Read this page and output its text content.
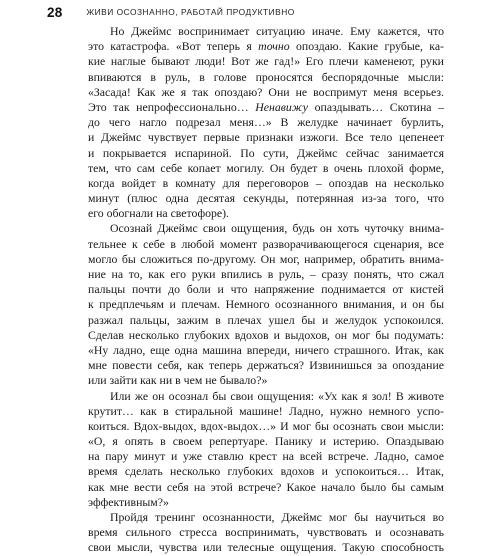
28	ЖИВИ ОСОЗНАННО, РАБОТАЙ ПРОДУКТИВНО
Но Джеймс воспринимает ситуацию иначе. Ему кажется, что
это катастрофа. «Вот теперь я точно опоздаю. Какие грубые, ка-
кие наглые бывают люди! Вот же гад!» Его плечи каменеют, руки
впиваются в руль, в голове проносятся беспорядочные мысли:
«Засада! Как же я так опоздаю? Они не воспримут меня всерьез.
Это так непрофессионально… Ненавижу опаздывать… Скотина –
до чего нагло подрезал меня…» В желудке начинает бурлить,
и Джеймс чувствует первые признаки изжоги. Все тело цепенеет
и покрывается испариной. По сути, Джеймс сейчас занимается
тем, что сам себе копает могилу. Он будет в очень плохой форме,
когда войдет в комнату для переговоров – опоздав на несколько
минут (плюс одна десятая секунды, потерянная из-за того, что
его обогнали на светофоре).
Осознай Джеймс свои ощущения, будь он хоть чуточку внима-
тельнее к себе в любой момент разворачивающегося сценария, все
могло бы сложиться по-другому. Он мог, например, обратить внима-
ние на то, как его руки впились в руль, – сразу понять, что сжал
пальцы почти до боли и что напряжение поднимается от кистей
к предплечьям и плечам. Немного осознанного внимания, и он бы
разжал пальцы, зажим в плечах ушел бы и желудок успокоился.
Сделав несколько глубоких вдохов и выдохов, он мог бы подумать:
«Ну ладно, еще одна машина впереди, ничего страшного. Итак, как
мне повести себя, как теперь держаться? Извинишься за опоздание
или зайти как ни в чем не бывало?»
Или же он осознал бы свои ощущения: «Ух как я зол! В животе
крутит… как в стиральной машине! Ладно, нужно немного успо-
коиться. Вдох-выдох, вдох-выдох…» И мог бы осознать свои мысли:
«О, я опять в своем репертуаре. Панику и истерию. Опаздываю
на пару минут и уже ставлю крест на всей встрече. Ладно, самое
время сделать несколько глубоких вдохов и успокоиться… Итак,
как мне вести себя на этой встрече? Какое начало было бы самым
эффективным?»
Пройдя тренинг осознанности, Джеймс мог бы научиться во
время сильного стресса воспринимать, чувствовать и осознавать
свои мысли, чувства или телесные ощущения. Такую способность
